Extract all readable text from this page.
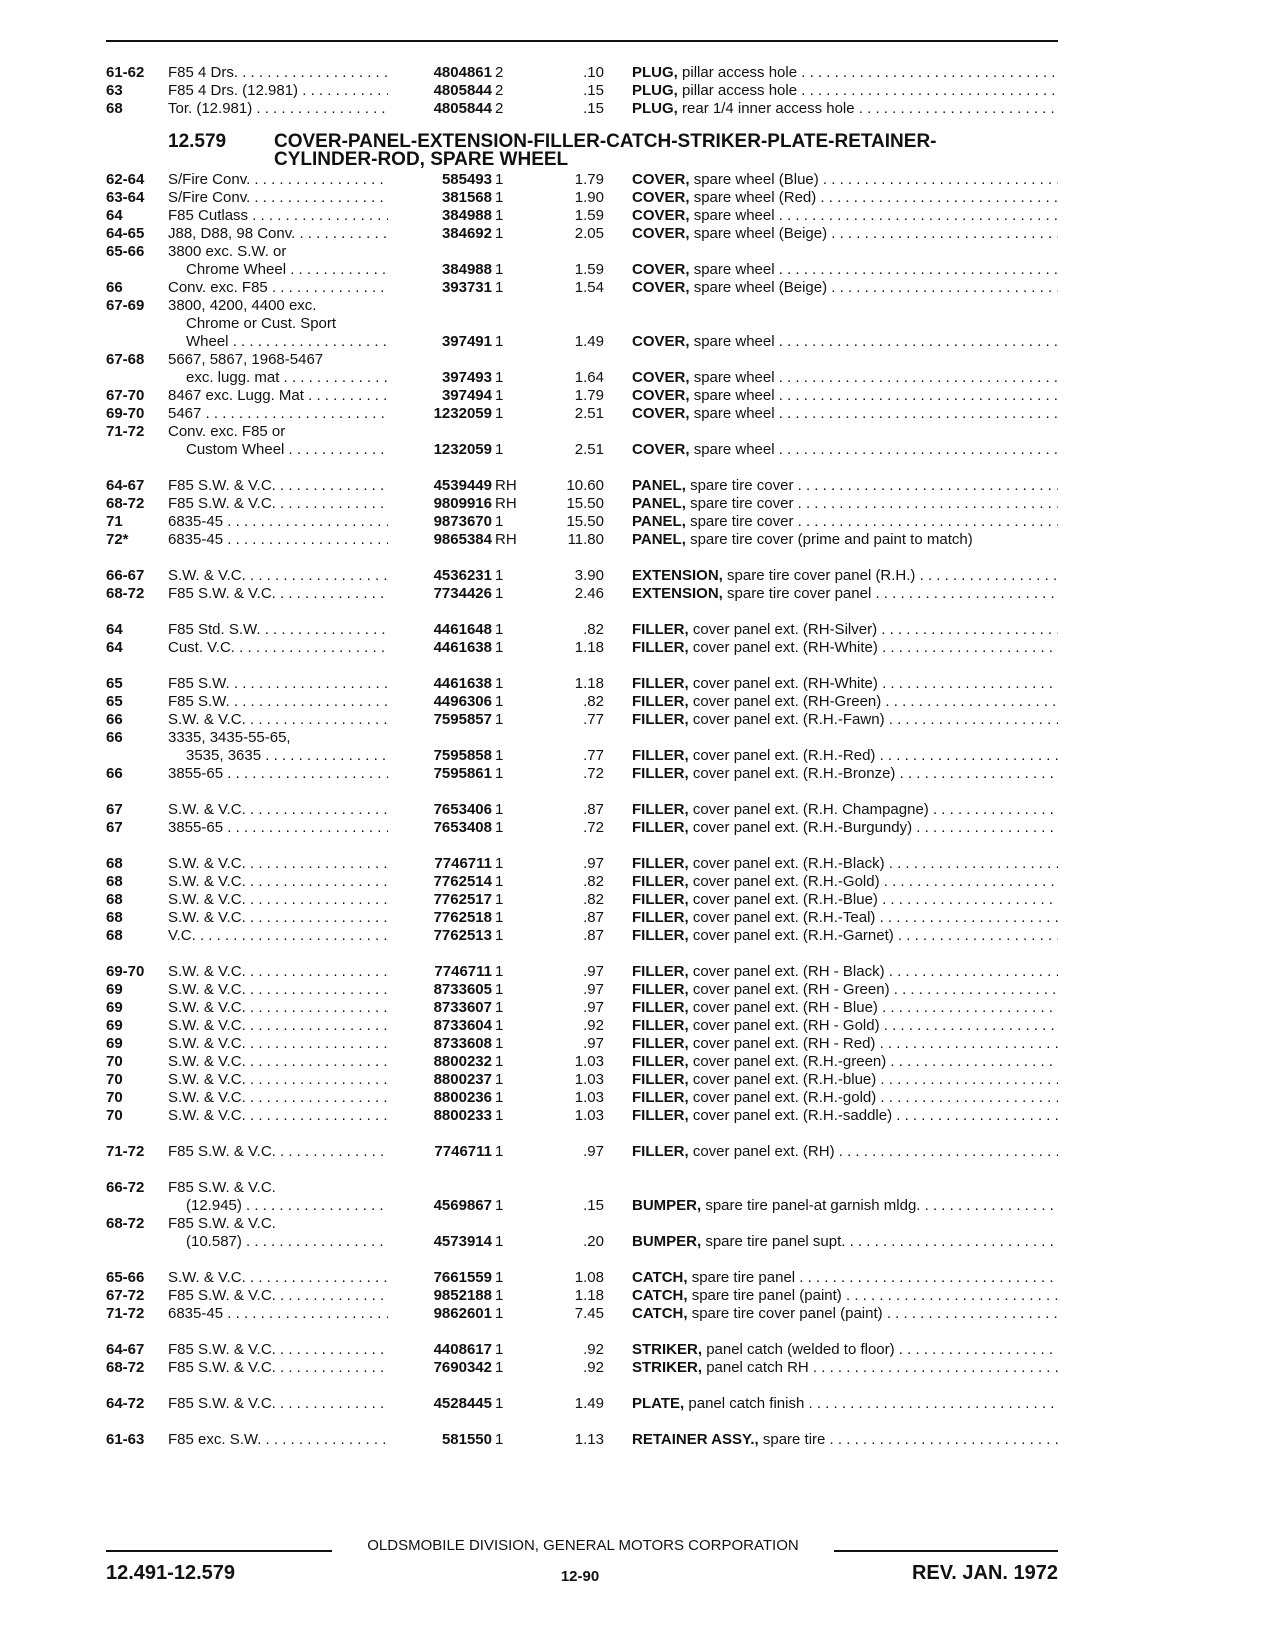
61-62	F85 4 Drs. . . .	4804861 2	.10 PLUG, pillar access hole . . .
63	F85 4 Drs. (12.981) . . .	4805844 2	.15 PLUG, pillar access hole . . .
68	Tor. (12.981) . . .	4805844 2	.15 PLUG, rear 1/4 inner access hole . . .
12.579	COVER-PANEL-EXTENSION-FILLER-CATCH-STRIKER-PLATE-RETAINER-
CYLINDER-ROD, SPARE WHEEL
62-64	S/Fire Conv. . . .	585493 1	1.79 COVER, spare wheel (Blue) . . .
63-64	S/Fire Conv. . . .	381568 1	1.90 COVER, spare wheel (Red) . . .
64	F85 Cutlass . . .	384988 1	1.59 COVER, spare wheel . . .
64-65	J88, D88, 98 Conv. . . .	384692 1	2.05 COVER, spare wheel (Beige) . . .
65-66	3800 exc. S.W. or
Chrome Wheel . . .	384988 1	1.59 COVER, spare wheel . . .
66	Conv. exc. F85 . . .	393731 1	1.54 COVER, spare wheel (Beige) . . .
67-69	3800, 4200, 4400 exc.
Chrome or Cust. Sport
Wheel . . .	397491 1	1.49 COVER, spare wheel . . .
67-68	5667, 5867, 1968-5467
exc. lugg. mat . . .	397493 1	1.64 COVER, spare wheel . . .
67-70	8467 exc. Lugg. Mat . . .	397494 1	1.79 COVER, spare wheel . . .
69-70	5467 . . .	1232059 1	2.51 COVER, spare wheel . . .
71-72	Conv. exc. F85 or
Custom Wheel . . .	1232059 1	2.51 COVER, spare wheel . . .
64-67	F85 S.W. & V.C. . . .	4539449 RH	10.60 PANEL, spare tire cover . . .
68-72	F85 S.W. & V.C. . . .	9809916 RH	15.50 PANEL, spare tire cover . . .
71	6835-45 . . .	9873670 1	15.50 PANEL, spare tire cover . . .
72*	6835-45 . . .	9865384 RH	11.80 PANEL, spare tire cover (prime and paint to match)
66-67	S.W. & V.C. . . .	4536231 1	3.90 EXTENSION, spare tire cover panel (R.H.) . . .
68-72	F85 S.W. & V.C. . . .	7734426 1	2.46 EXTENSION, spare tire cover panel . . .
64	F85 Std. S.W. . . .	4461648 1	.82 FILLER, cover panel ext. (RH-Silver) . . .
64	Cust. V.C. . . .	4461638 1	1.18 FILLER, cover panel ext. (RH-White) . . .
65	F85 S.W. . . .	4461638 1	1.18 FILLER, cover panel ext. (RH-White) . . .
65	F85 S.W. . . .	4496306 1	.82 FILLER, cover panel ext. (RH-Green) . . .
66	S.W. & V.C. . . .	7595857 1	.77 FILLER, cover panel ext. (R.H.-Fawn) . . .
66	3335, 3435-55-65,
3535, 3635 . . .	7595858 1	.77 FILLER, cover panel ext. (R.H.-Red) . . .
66	3855-65 . . .	7595861 1	.72 FILLER, cover panel ext. (R.H.-Bronze) . . .
67	S.W. & V.C. . . .	7653406 1	.87 FILLER, cover panel ext. (R.H. Champagne) . . .
67	3855-65 . . .	7653408 1	.72 FILLER, cover panel ext. (R.H.-Burgundy) . . .
68	S.W. & V.C. . . .	7746711 1	.97 FILLER, cover panel ext. (R.H.-Black) . . .
68	S.W. & V.C. . . .	7762514 1	.82 FILLER, cover panel ext. (R.H.-Gold) . . .
68	S.W. & V.C. . . .	7762517 1	.82 FILLER, cover panel ext. (R.H.-Blue) . . .
68	S.W. & V.C. . . .	7762518 1	.87 FILLER, cover panel ext. (R.H.-Teal) . . .
68	V.C. . . .	7762513 1	.87 FILLER, cover panel ext. (R.H.-Garnet) . . .
69-70	S.W. & V.C. . . .	7746711 1	.97 FILLER, cover panel ext. (RH - Black) . . .
69	S.W. & V.C. . . .	8733605 1	.97 FILLER, cover panel ext. (RH - Green) . . .
69	S.W. & V.C. . . .	8733607 1	.97 FILLER, cover panel ext. (RH - Blue) . . .
69	S.W. & V.C. . . .	8733604 1	.92 FILLER, cover panel ext. (RH - Gold) . . .
69	S.W. & V.C. . . .	8733608 1	.97 FILLER, cover panel ext. (RH - Red) . . .
70	S.W. & V.C. . . .	8800232 1	1.03 FILLER, cover panel ext. (R.H.-green) . . .
70	S.W. & V.C. . . .	8800237 1	1.03 FILLER, cover panel ext. (R.H.-blue) . . .
70	S.W. & V.C. . . .	8800236 1	1.03 FILLER, cover panel ext. (R.H.-gold) . . .
70	S.W. & V.C. . . .	8800233 1	1.03 FILLER, cover panel ext. (R.H.-saddle) . . .
71-72	F85 S.W. & V.C. . . .	7746711 1	.97 FILLER, cover panel ext. (RH) . . .
66-72	F85 S.W. & V.C.
(12.945) . . .	4569867 1	.15 BUMPER, spare tire panel-at garnish mldg. . . .
68-72	F85 S.W. & V.C.
(10.587) . . .	4573914 1	.20 BUMPER, spare tire panel supt. . . .
65-66	S.W. & V.C. . . .	7661559 1	1.08 CATCH, spare tire panel . . .
67-72	F85 S.W. & V.C. . . .	9852188 1	1.18 CATCH, spare tire panel (paint) . . .
71-72	6835-45 . . .	9862601 1	7.45 CATCH, spare tire cover panel (paint) . . .
64-67	F85 S.W. & V.C. . . .	4408617 1	.92 STRIKER, panel catch (welded to floor) . . .
68-72	F85 S.W. & V.C. . . .	7690342 1	.92 STRIKER, panel catch RH . . .
64-72	F85 S.W. & V.C. . . .	4528445 1	1.49 PLATE, panel catch finish . . .
61-63	F85 exc. S.W. . . .	581550 1	1.13 RETAINER ASSY., spare tire . . .
OLDSMOBILE DIVISION, GENERAL MOTORS CORPORATION
12.491-12.579	12-90	REV. JAN. 1972
